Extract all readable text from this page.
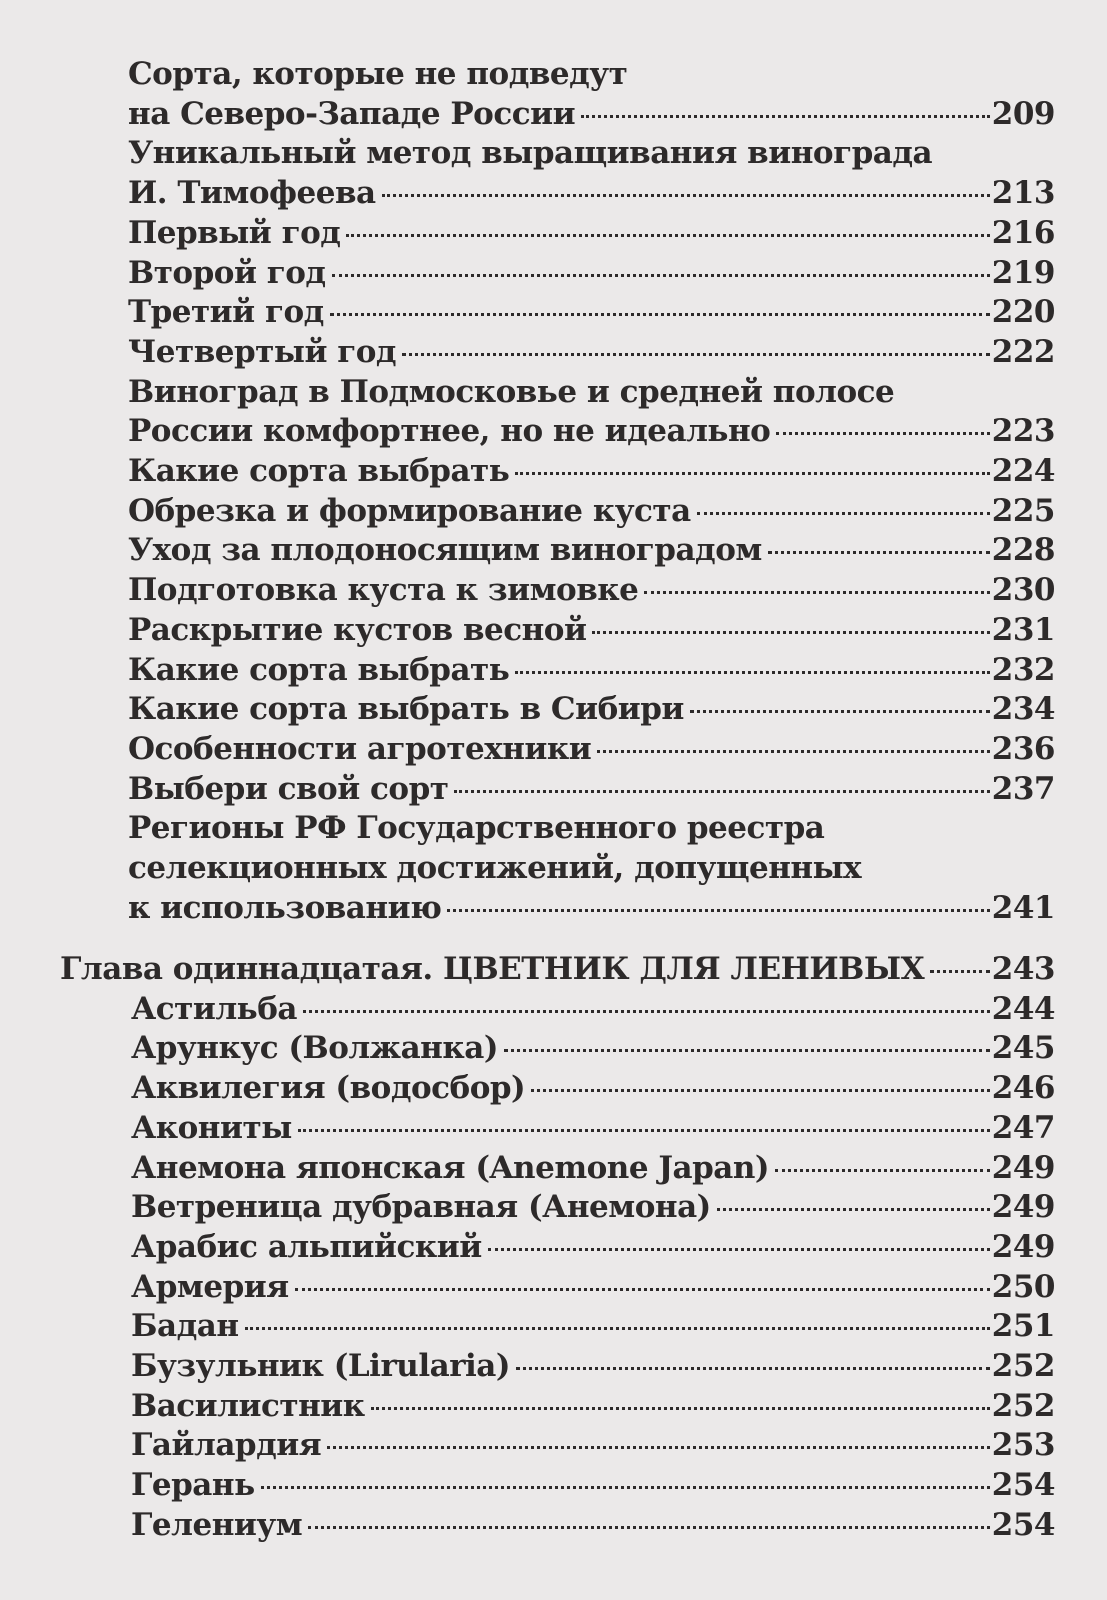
Сорта, которые не подведут
на Северо-Западе России	209
Уникальный метод выращивания винограда
И. Тимофеева	213
Первый год	216
Второй год	219
Третий год	220
Четвертый год	222
Виноград в Подмосковье и средней полосе
России комфортнее, но не идеально	223
Какие сорта выбрать	224
Обрезка и формирование куста	225
Уход за плодоносящим виноградом	228
Подготовка куста к зимовке	230
Раскрытие кустов весной	231
Какие сорта выбрать	232
Какие сорта выбрать в Сибири	234
Особенности агротехники	236
Выбери свой сорт	237
Регионы РФ Государственного реестра
селекционных достижений, допущенных
к использованию	241
Глава одиннадцатая. ЦВЕТНИК ДЛЯ ЛЕНИВЫХ 243
Астильба	244
Арункус (Волжанка)	245
Аквилегия (водосбор)	246
Акониты	247
Анемона японская (Anemone Japan)	249
Ветреница дубравная (Анемона)	249
Арабис альпийский	249
Армерия	250
Бадан	251
Бузульник (Lirularia)	252
Василистник	252
Гайлардия	253
Герань	254
Гелениум	254
